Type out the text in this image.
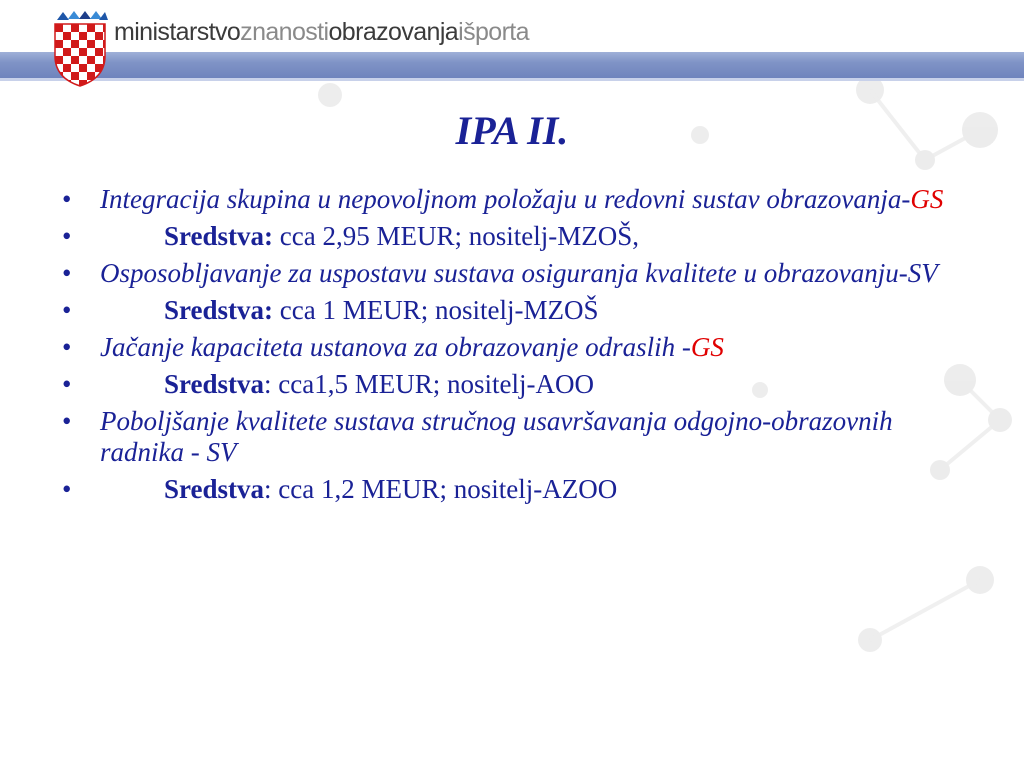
ministarstvoznanostiobrazovanjaišporta
IPA II.
• Integracija skupina u nepovoljnom položaju u redovni sustav obrazovanja-GS
•	Sredstva: cca 2,95 MEUR; nositelj-MZOŠ,
• Osposobljavanje za uspostavu sustava osiguranja kvalitete u obrazovanju-SV
•	Sredstva: cca 1 MEUR; nositelj-MZOŠ
• Jačanje kapaciteta ustanova za obrazovanje odraslih -GS
•	Sredstva: cca1,5 MEUR; nositelj-AOO
• Poboljšanje kvalitete sustava stručnog usavršavanja odgojno-obrazovnih radnika - SV
•	Sredstva: cca 1,2 MEUR; nositelj-AZOO
